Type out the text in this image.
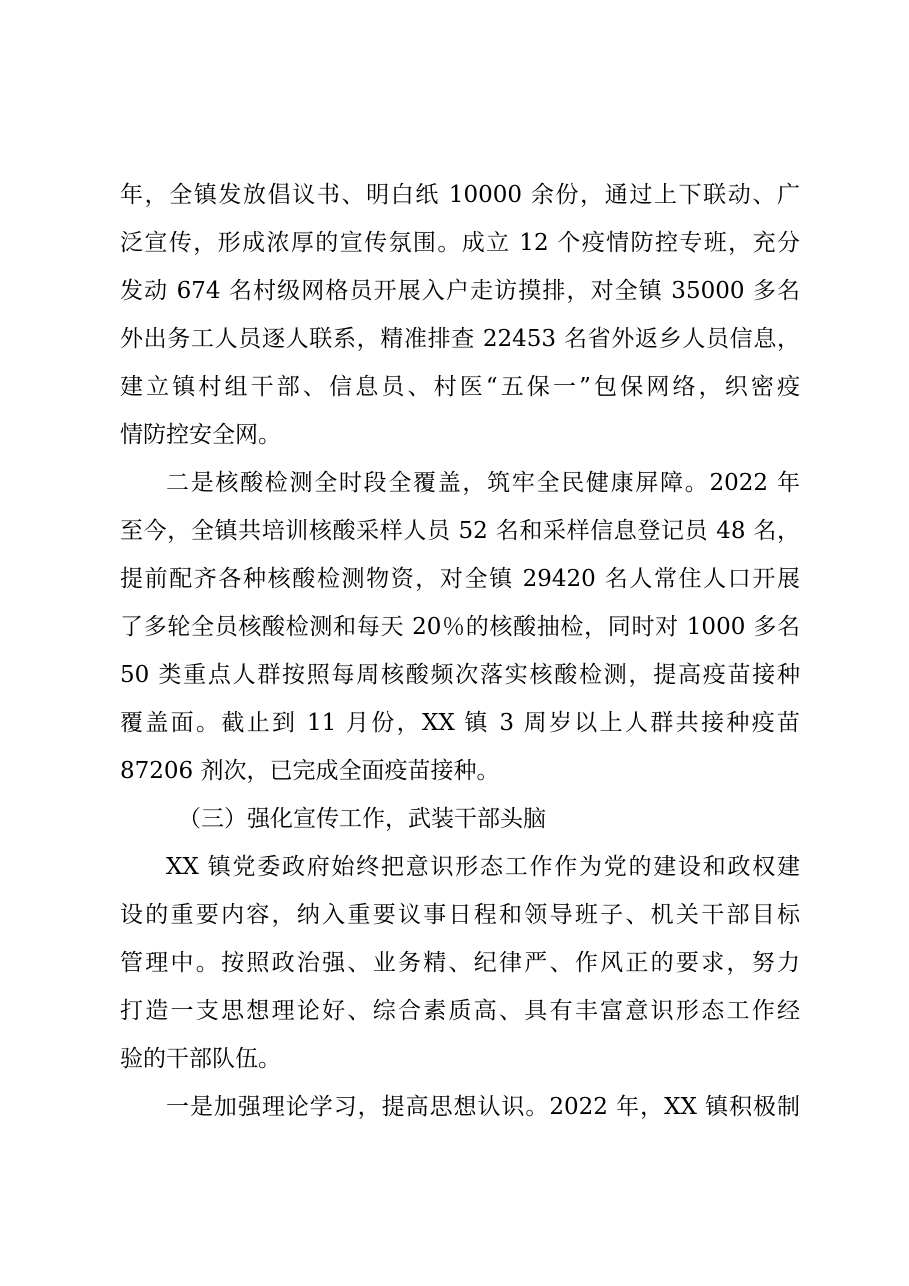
年，全镇发放倡议书、明白纸 10000 余份，通过上下联动、广
泛宣传，形成浓厚的宣传氛围。成立 12 个疫情防控专班，充分
发动 674 名村级网格员开展入户走访摸排，对全镇 35000 多名
外出务工人员逐人联系，精准排查 22453 名省外返乡人员信息，
建立镇村组干部、信息员、村医“五保一”包保网络，织密疫
情防控安全网。
二是核酸检测全时段全覆盖，筑牢全民健康屏障。2022 年
至今，全镇共培训核酸采样人员 52 名和采样信息登记员 48 名，
提前配齐各种核酸检测物资，对全镇 29420 名人常住人口开展
了多轮全员核酸检测和每天 20％的核酸抽检，同时对 1000 多名
50 类重点人群按照每周核酸频次落实核酸检测，提高疫苗接种
覆盖面。截止到 11 月份，XX 镇 3 周岁以上人群共接种疫苗
87206 剂次，已完成全面疫苗接种。
（三）强化宣传工作，武装干部头脑
XX 镇党委政府始终把意识形态工作作为党的建设和政权建
设的重要内容，纳入重要议事日程和领导班子、机关干部目标
管理中。按照政治强、业务精、纪律严、作风正的要求，努力
打造一支思想理论好、综合素质高、具有丰富意识形态工作经
验的干部队伍。
一是加强理论学习，提高思想认识。2022 年，XX 镇积极制
